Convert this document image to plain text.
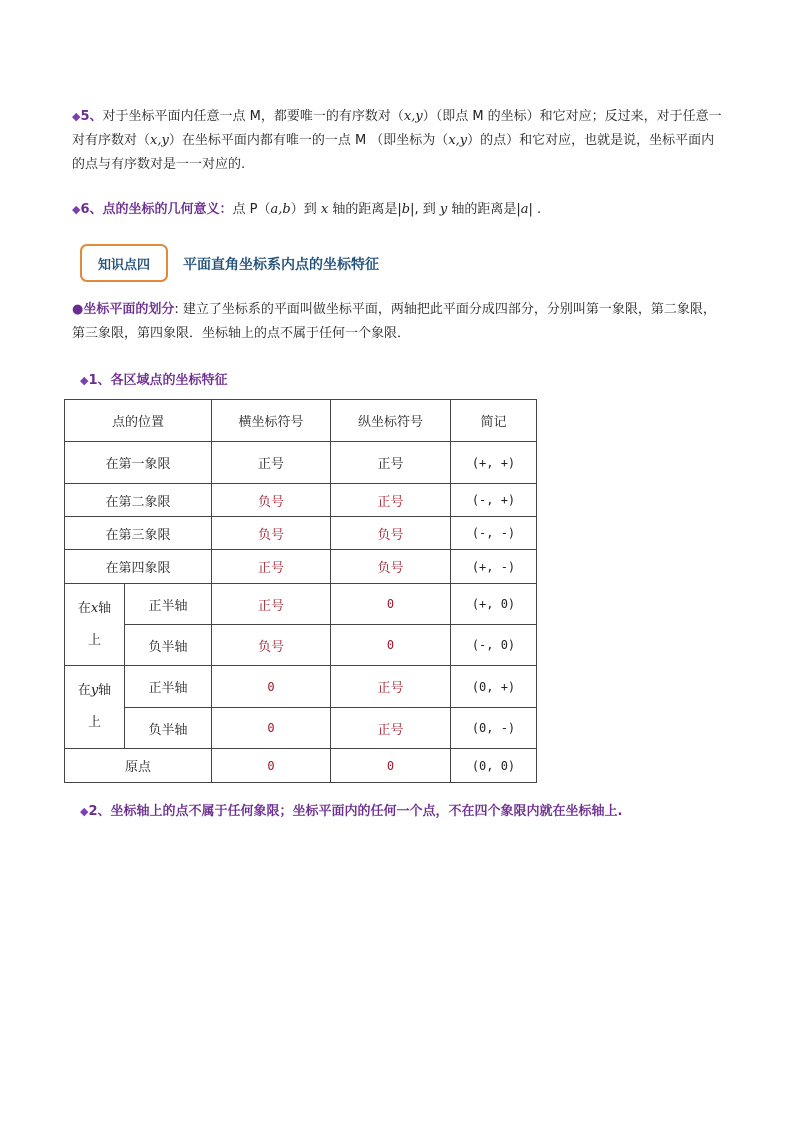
◆5、对于坐标平面内任意一点 M，都要唯一的有序数对（x,y）（即点 M 的坐标）和它对应；反过来，对于任意一对有序数对（x,y）在坐标平面内都有唯一的一点 M （即坐标为（x,y）的点）和它对应，也就是说，坐标平面内的点与有序数对是一一对应的.
◆6、点的坐标的几何意义：点 P（a,b）到 x 轴的距离是|b|, 到 y 轴的距离是|a| .
知识点四	平面直角坐标系内点的坐标特征
●坐标平面的划分: 建立了坐标系的平面叫做坐标平面，两轴把此平面分成四部分，分别叫第一象限，第二象限，第三象限，第四象限．坐标轴上的点不属于任何一个象限．
◆1、各区域点的坐标特征
点的位置		横坐标符号	纵坐标符号	简记
在第一象限		正号	正号	(+, +)
在第二象限		负号	正号	(-, +)
在第三象限		负号	负号	(-, -)
在第四象限		正号	负号	(+, -)
在x轴
上	正半轴	正号	0	(+, 0)
	负半轴	负号	0	(-, 0)
在y轴
上	正半轴	0	正号	(0, +)
	负半轴	0	正号	(0, -)
原点		0	0	(0, 0)
◆2、坐标轴上的点不属于任何象限；坐标平面内的任何一个点，不在四个象限内就在坐标轴上.
